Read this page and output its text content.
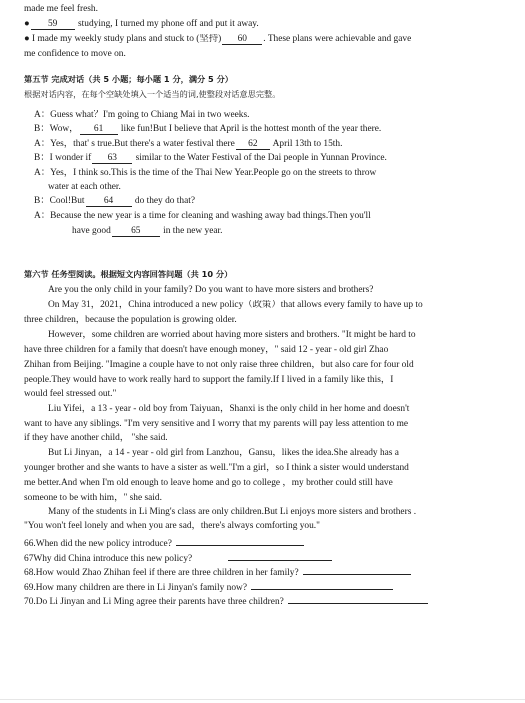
made me feel fresh.
● 59 studying, I turned my phone off and put it away.
● I made my weekly study plans and stuck to (坚持) 60 . These plans were achievable and gave
me confidence to move on.
第五节 完成对话（共 5 小题；每小题 1 分，满分 5 分）
根据对话内容，在每个空缺处填入一个适当的词,使整段对话意思完整。
A：Guess what？I'm going to Chiang Mai in two weeks.
B：Wow， 61 like fun!But I believe that April is the hottest month of the year there.
A：Yes，that' s true.But there's a water festival there 62 April 13th to 15th.
B：I wonder if 63 similar to the Water Festival of the Dai people in Yunnan Province.
A：Yes，I think so.This is the time of the Thai New Year.People go on the streets to throw
water at each other.
B：Cool!But 64 do they do that?
A：Because the new year is a time for cleaning and washing away bad things.Then you'll
have good 65 in the new year.
第六节 任务型阅读。根据短文内容回答问题（共 10 分）
Are you the only child in your family? Do you want to have more sisters and brothers?
On May 31，2021，China introduced a new policy（政策）that allows every family to have up to
three children，because the population is growing older.
However，some children are worried about having more sisters and brothers. "It might be hard to
have three children for a family that doesn't have enough money，" said 12 - year - old girl Zhao
Zhihan from Beijing. "Imagine a couple have to not only raise three children，but also care for four old
people.They would have to work really hard to support the family.If I lived in a family like this，I
would feel stressed out."
Liu Yifei，a 13 - year - old boy from Taiyuan，Shanxi is the only child in her home and doesn't
want to have any siblings. "I'm very sensitive and I worry that my parents will pay less attention to me
if they have another child， "she said.
But Li Jinyan，a 14 - year - old girl from Lanzhou，Gansu，likes the idea.She already has a
younger brother and she wants to have a sister as well."I'm a girl，so I think a sister would understand
me better.And when I'm old enough to leave home and go to college ，my brother could still have
someone to be with him，" she said.
Many of the students in Li Ming's class are only children.But Li enjoys more sisters and brothers .
"You won't feel lonely and when you are sad，there's always comforting you."
66.When did the new policy introduce?
67Why did China introduce this new policy?
68.How would Zhao Zhihan feel if there are three children in her family?
69.How many children are there in Li Jinyan's family now?
70.Do Li Jinyan and Li Ming agree their parents have three children?
